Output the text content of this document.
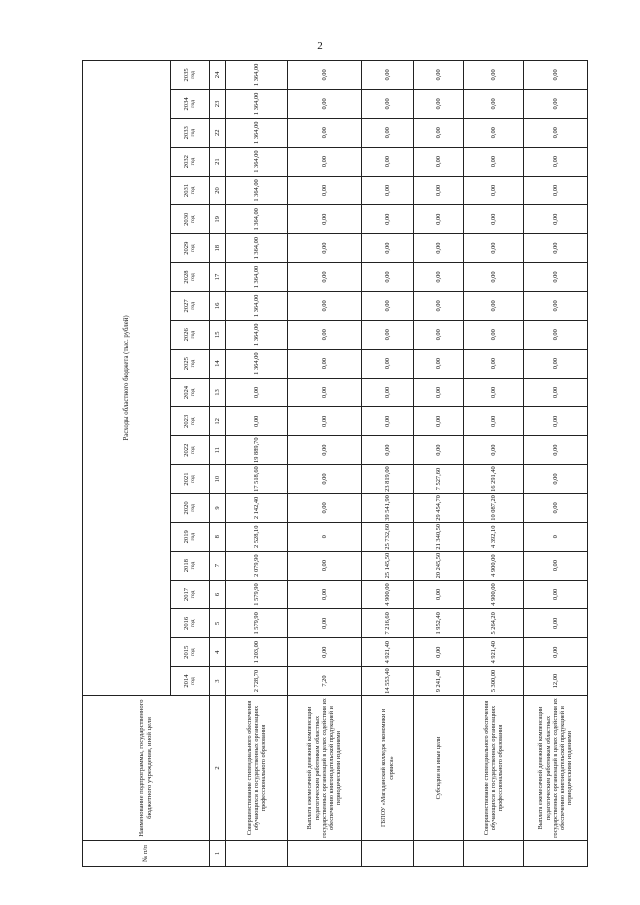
2
№ п/п	Наименование подпрограммы, государственного бюджетного учреждения, иной цели	Расходы областного бюджета (тыс. рублей)																					
		2014 год	2015 год	2016 год	2017 год	2018 год	2019 год	2020 год	2021 год	2022 год	2023 год	2024 год	2025 год	2026 год	2027 год	2028 год	2029 год	2030 год	2031 год	2032 год	2033 год	2034 год	2035 год

1	2	3	4	5	6	7	8	9	10	11	12	13	14	15	16	17	18	19	20	21	22	23	24
	Совершенствование стипендиального обеспечения обучающихся в государственных организациях профессионального образования	2 728,70	1 203,00	1 579,90	1 579,90	2 079,90	2 528,10	2 142,40	17 518,60	19 889,70	0,00	0,00	1 364,00	1 364,00	1 364,00	1 364,00	1 364,00	1 364,00	1 364,00	1 364,00	1 364,00	1 364,00	1 364,00
	Выплата ежемесячной денежной компенсации педагогическим работникам областных государственных организаций в целях содействия их обеспечению книгоиздательской продукцией и периодическими изданиями	7,20	0,00	0,00	0,00	0,00	0	0,00	0,00	0,00	0,00	0,00	0,00	0,00	0,00	0,00	0,00	0,00	0,00	0,00	0,00	0,00	0,00
	ГБПОУ «Магаданский колледж экономики и сервиса»	14 553,40	4 921,40	7 216,60	4 900,00	25 145,50	25 732,60	39 541,90	23 819,00	0,00	0,00	0,00	0,00	0,00	0,00	0,00	0,00	0,00	0,00	0,00	0,00	0,00	0,00
	Субсидии на иные цели	9 241,40	0,00	1 952,40	0,00	20 245,50	21 340,50	29 454,70	7 527,60	0,00	0,00	0,00	0,00	0,00	0,00	0,00	0,00	0,00	0,00	0,00	0,00	0,00	0,00
	Совершенствование стипендиального обеспечения обучающихся в государственных организациях профессионального образования	5 300,00	4 921,40	5 264,20	4 900,00	4 900,00	4 392,10	10 087,20	16 291,40	0,00	0,00	0,00	0,00	0,00	0,00	0,00	0,00	0,00	0,00	0,00	0,00	0,00	0,00
	Выплата ежемесячной денежной компенсации педагогическим работникам областных государственных организаций в целях содействия их обеспечению книгоиздательской продукцией и периодическими изданиями	12,00	0,00	0,00	0,00	0,00	0	0,00	0,00	0,00	0,00	0,00	0,00	0,00	0,00	0,00	0,00	0,00	0,00	0,00	0,00	0,00	0,00
